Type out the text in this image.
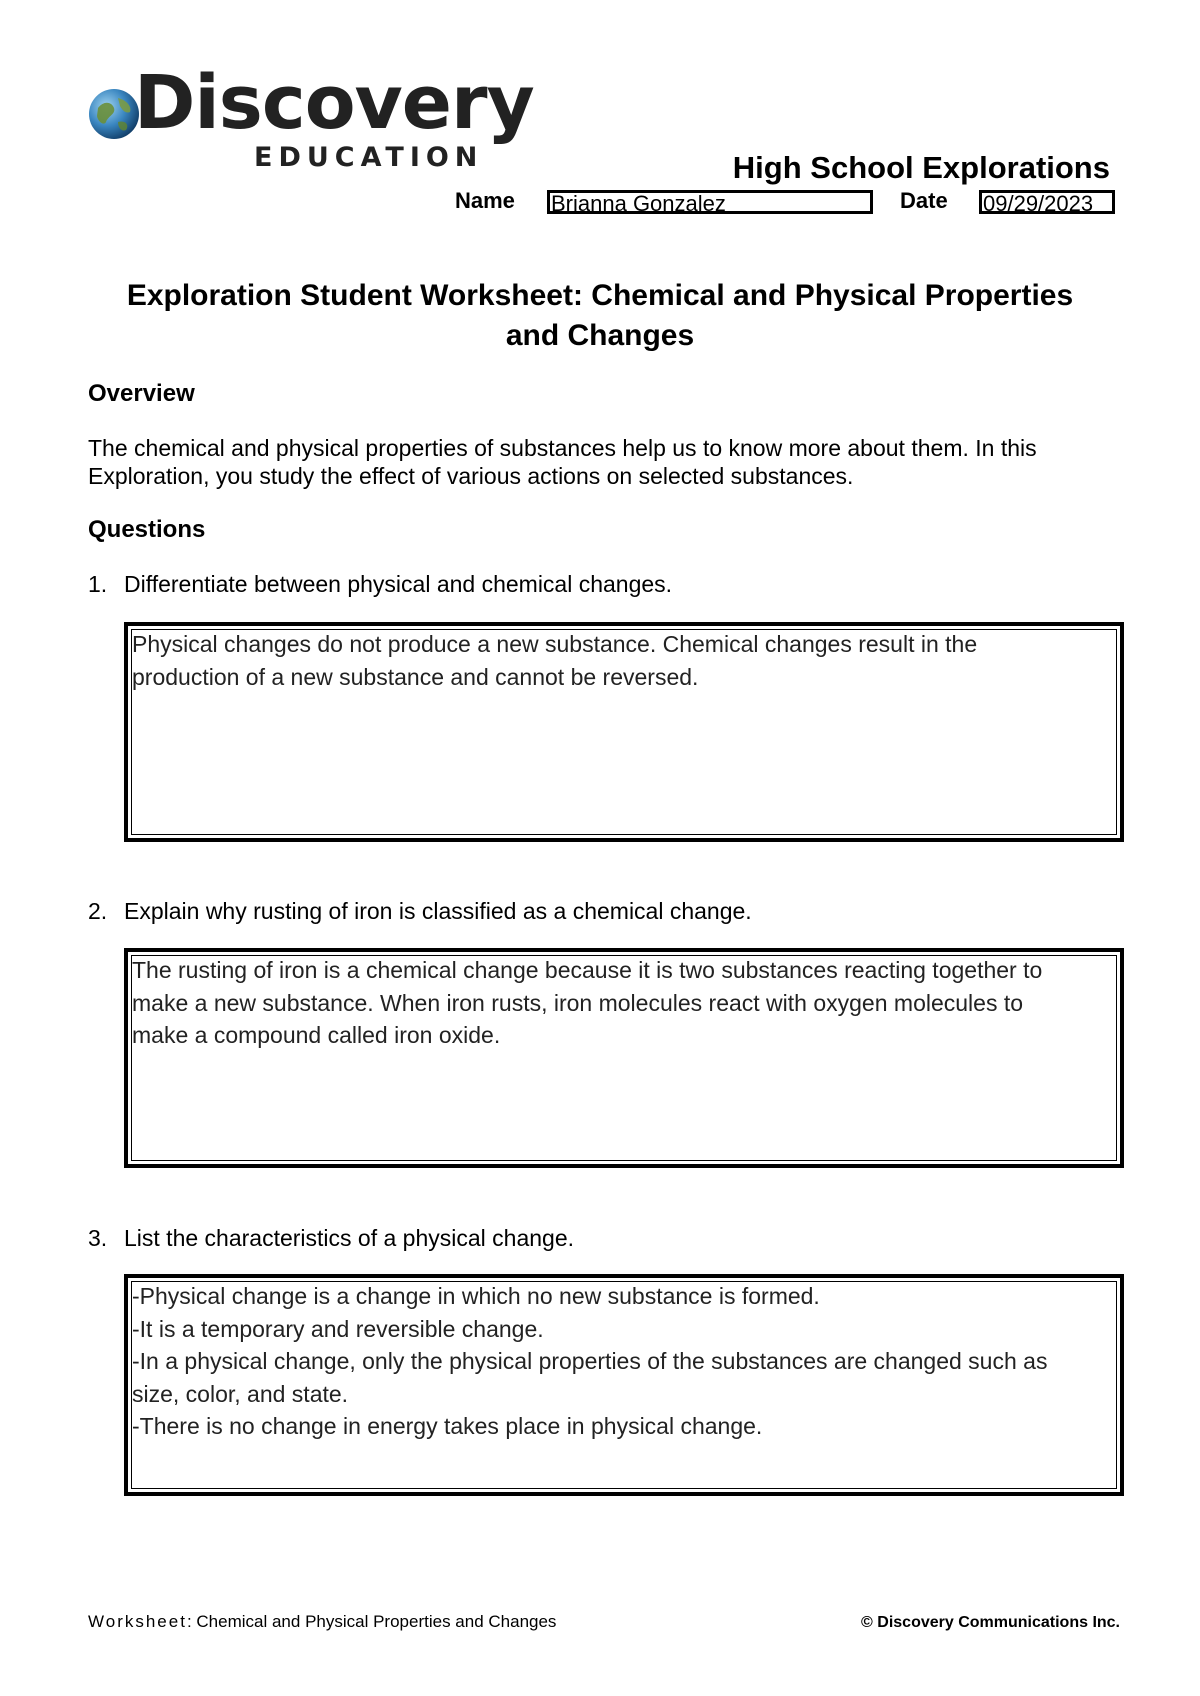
Discovery
EDUCATION	High School Explorations
Name Brianna Gonzalez	Date 09/29/2023
Exploration Student Worksheet: Chemical and Physical Properties
and Changes
Overview
The chemical and physical properties of substances help us to know more about them. In this Exploration, you study the effect of various actions on selected substances.
Questions
1. Differentiate between physical and chemical changes.
Physical changes do not produce a new substance. Chemical changes result in the
production of a new substance and cannot be reversed.
2. Explain why rusting of iron is classified as a chemical change.
The rusting of iron is a chemical change because it is two substances reacting together to
make a new substance. When iron rusts, iron molecules react with oxygen molecules to
make a compound called iron oxide.
3. List the characteristics of a physical change.
-Physical change is a change in which no new substance is formed.
-It is a temporary and reversible change.
-In a physical change, only the physical properties of the substances are changed such as
size, color, and state.
-There is no change in energy takes place in physical change.
Worksheet: Chemical and Physical Properties and Changes	© Discovery Communications Inc.
